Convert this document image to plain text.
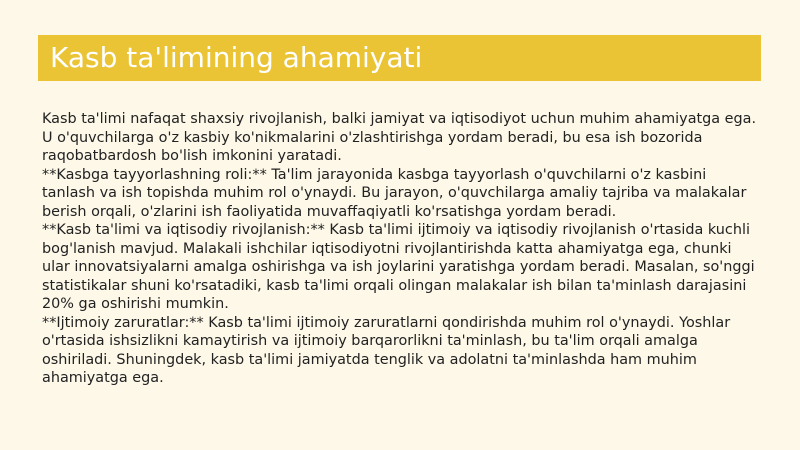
Kasb ta'limining ahamiyati

Kasb ta'limi nafaqat shaxsiy rivojlanish, balki jamiyat va iqtisodiyot uchun muhim ahamiyatga ega. U o'quvchilarga o'z kasbiy ko'nikmalarini o'zlashtirishga yordam beradi, bu esa ish bozorida raqobatbardosh bo'lish imkonini yaratadi.

**Kasbga tayyorlashning roli:** Ta'lim jarayonida kasbga tayyorlash o'quvchilarni o'z kasbini tanlash va ish topishda muhim rol o'ynaydi. Bu jarayon, o'quvchilarga amaliy tajriba va malakalar berish orqali, o'zlarini ish faoliyatida muvaffaqiyatli ko'rsatishga yordam beradi.

**Kasb ta'limi va iqtisodiy rivojlanish:** Kasb ta'limi ijtimoiy va iqtisodiy rivojlanish o'rtasida kuchli bog'lanish mavjud. Malakali ishchilar iqtisodiyotni rivojlantirishda katta ahamiyatga ega, chunki ular innovatsiyalarni amalga oshirishga va ish joylarini yaratishga yordam beradi. Masalan, so'nggi statistikalar shuni ko'rsatadiki, kasb ta'limi orqali olingan malakalar ish bilan ta'minlash darajasini 20% ga oshirishi mumkin.

**Ijtimoiy zaruratlar:** Kasb ta'limi ijtimoiy zaruratlarni qondirishda muhim rol o'ynaydi. Yoshlar o'rtasida ishsizlikni kamaytirish va ijtimoiy barqarorlikni ta'minlash, bu ta'lim orqali amalga oshiriladi. Shuningdek, kasb ta'limi jamiyatda tenglik va adolatni ta'minlashda ham muhim ahamiyatga ega.
